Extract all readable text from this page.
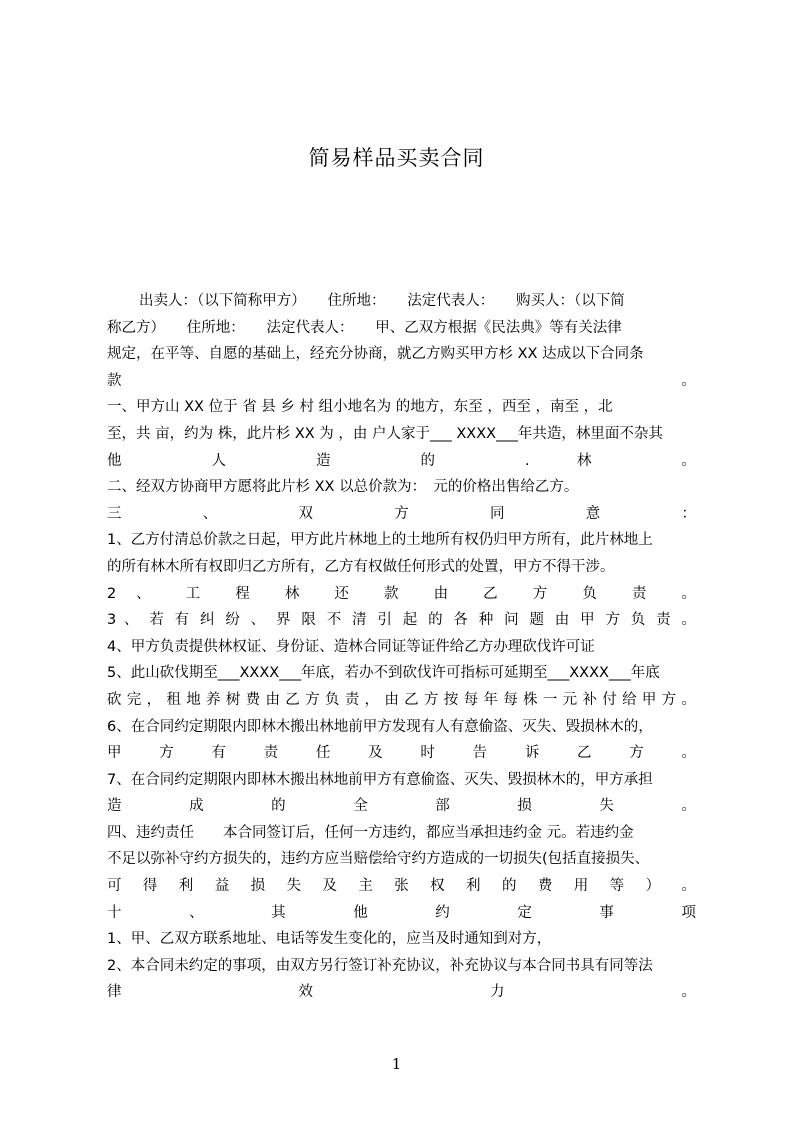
简易样品买卖合同
出卖人：（以下简称甲方）　　住所地：　　法定代表人：　　购买人：（以下简
称乙方）　　住所地：　　法定代表人：　　甲、乙双方根据《民法典》等有关法律
规定，在平等、自愿的基础上，经充分协商，就乙方购买甲方杉 XX 达成以下合同条
款　。
一、甲方山 XX 位于 省 县 乡 村 组小地名为 的地方，东至 ，西至 ，南至 ，北
至，共 亩，约为 株，此片杉 XX 为 ，由 户人家于___ XXXX___年共造，林里面不杂其
他 人 造 的 . 林 。
二、经双方协商甲方愿将此片杉 XX 以总价款为：　元的价格出售给乙方。
三 、 双 方 同 意 ：
1、乙方付清总价款之日起，甲方此片林地上的土地所有权仍归甲方所有，此片林地上
的所有林木所有权即归乙方所有，乙方有权做任何形式的处置，甲方不得干涉。
2 、 工 程 林 还 款 由 乙 方 负 责 。
3 、 若 有 纠 纷 、 界 限 不 清 引 起 的 各 种 问 题 由 甲 方 负 责 。
4、甲方负责提供林权证、身份证、造林合同证等证件给乙方办理砍伐许可证
5、此山砍伐期至___XXXX___年底，若办不到砍伐许可指标可延期至___XXXX___年底
砍完，租地养树费由乙方负责，由乙方按每年每株一元补付给甲方。
6、在合同约定期限内即林木搬出林地前甲方发现有人有意偷盗、灭失、毁损林木的，
甲 方 有 责 任 及 时 告 诉 乙 方 。
7、在合同约定期限内即林木搬出林地前甲方有意偷盗、灭失、毁损林木的，甲方承担
造 成 的 全 部 损 失 。
四、违约责任　　本合同签订后，任何一方违约，都应当承担违约金 元。若违约金
不足以弥补守约方损失的，违约方应当赔偿给守约方造成的一切损失(包括直接损失、
可 得 利 益 损 失 及 主 张 权 利 的 费 用 等 ） 。
十 、 其 他 约 定 事 项
1、甲、乙双方联系地址、电话等发生变化的，应当及时通知到对方，
2、本合同未约定的事项，由双方另行签订补充协议，补充协议与本合同书具有同等法
律 效 力 。
1
